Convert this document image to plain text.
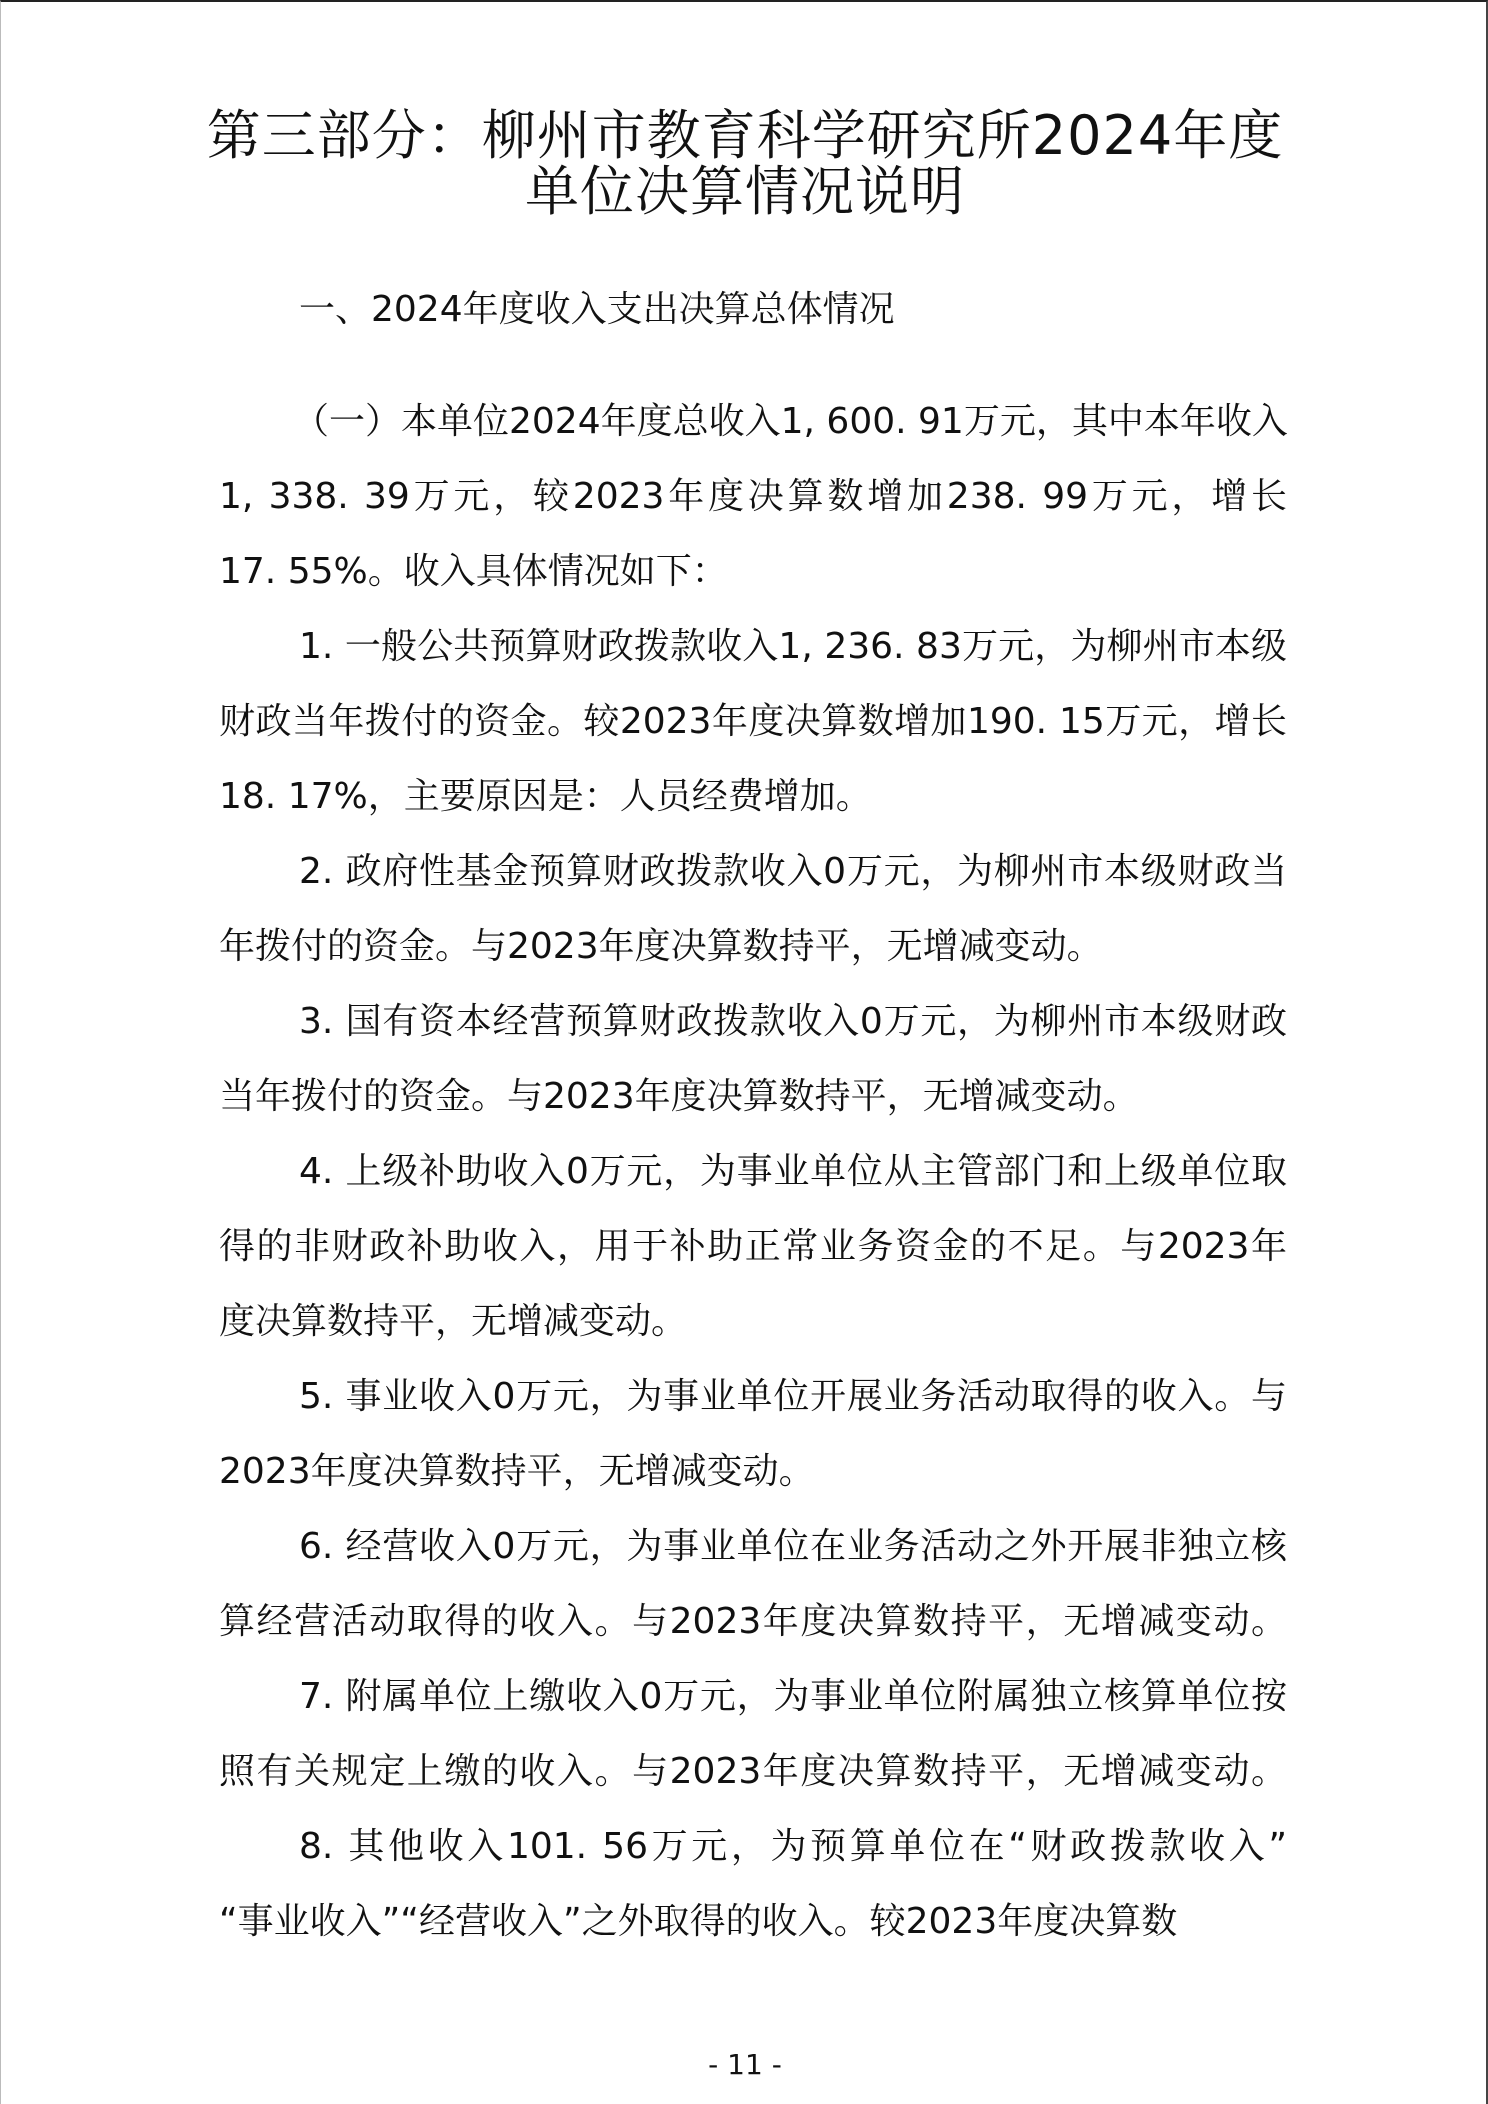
第三部分：柳州市教育科学研究所2024年度
单位决算情况说明
一、2024年度收入支出决算总体情况
（一）本单位2024年度总收入1, 600. 91万元，其中本年收入
1, 338. 39万元，较2023年度决算数增加238. 99万元，增长
17. 55%。收入具体情况如下：
1. 一般公共预算财政拨款收入1, 236. 83万元，为柳州市本级
财政当年拨付的资金。较2023年度决算数增加190. 15万元，增长
18. 17%，主要原因是：人员经费增加。
2. 政府性基金预算财政拨款收入0万元，为柳州市本级财政当
年拨付的资金。与2023年度决算数持平，无增减变动。
3. 国有资本经营预算财政拨款收入0万元，为柳州市本级财政
当年拨付的资金。与2023年度决算数持平，无增减变动。
4. 上级补助收入0万元，为事业单位从主管部门和上级单位取
得的非财政补助收入，用于补助正常业务资金的不足。与2023年
度决算数持平，无增减变动。
5. 事业收入0万元，为事业单位开展业务活动取得的收入。与
2023年度决算数持平，无增减变动。
6. 经营收入0万元，为事业单位在业务活动之外开展非独立核
算经营活动取得的收入。与2023年度决算数持平，无增减变动。
7. 附属单位上缴收入0万元，为事业单位附属独立核算单位按
照有关规定上缴的收入。与2023年度决算数持平，无增减变动。
8. 其他收入101. 56万元，为预算单位在“财政拨款收入”
“事业收入”“经营收入”之外取得的收入。较2023年度决算数
- 11 -
